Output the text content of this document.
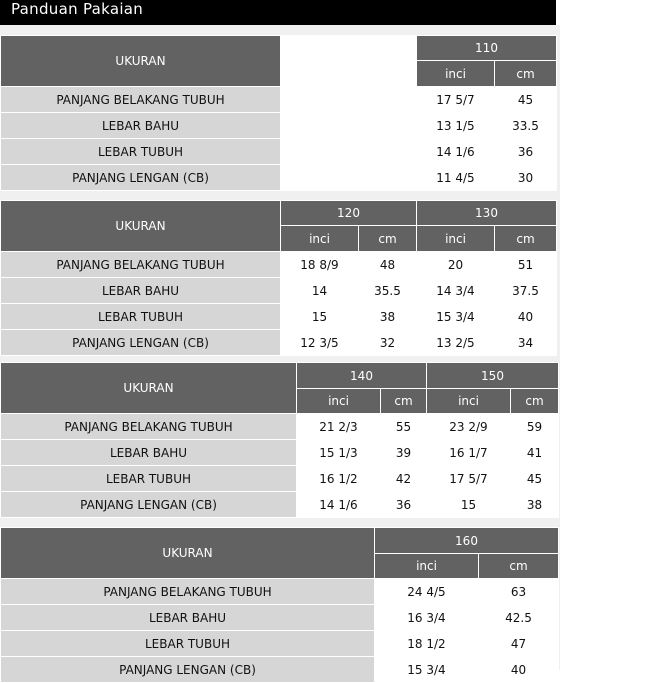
Panduan Pakaian
UKURAN		110	
		inci	cm
PANJANG BELAKANG TUBUH		17 5/7	45
LEBAR BAHU		13 1/5	33.5
LEBAR TUBUH		14 1/6	36
PANJANG LENGAN (CB)		11 4/5	30
UKURAN	120		130	
	inci	cm	inci	cm
PANJANG BELAKANG TUBUH	18 8/9	48	20	51
LEBAR BAHU	14	35.5	14 3/4	37.5
LEBAR TUBUH	15	38	15 3/4	40
PANJANG LENGAN (CB)	12 3/5	32	13 2/5	34
UKURAN	140		150	
	inci	cm	inci	cm
PANJANG BELAKANG TUBUH	21 2/3	55	23 2/9	59
LEBAR BAHU	15 1/3	39	16 1/7	41
LEBAR TUBUH	16 1/2	42	17 5/7	45
PANJANG LENGAN (CB)	14 1/6	36	15	38
UKURAN	160	
	inci	cm
PANJANG BELAKANG TUBUH	24 4/5	63
LEBAR BAHU	16 3/4	42.5
LEBAR TUBUH	18 1/2	47
PANJANG LENGAN (CB)	15 3/4	40
